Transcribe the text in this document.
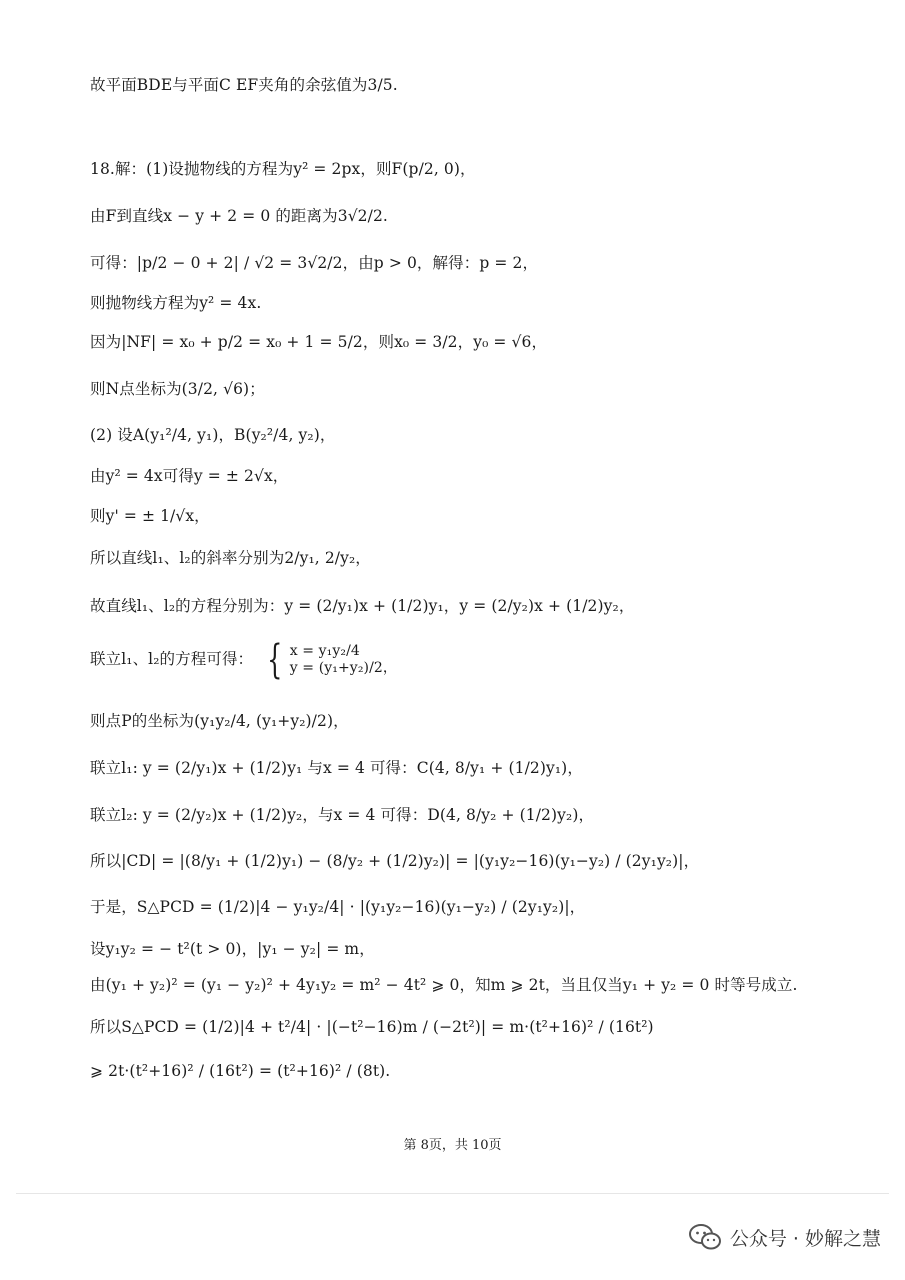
故平面BDE与平面C EF夹角的余弦值为3/5.
18.解：(1)设抛物线的方程为y² = 2px，则F(p/2, 0)，
由F到直线x − y + 2 = 0 的距离为3√2/2.
可得：|p/2 − 0 + 2| / √2 = 3√2/2，由p > 0，解得：p = 2，
则抛物线方程为y² = 4x.
因为|NF| = x₀ + p/2 = x₀ + 1 = 5/2，则x₀ = 3/2，y₀ = √6，
则N点坐标为(3/2, √6)；
(2) 设A(y₁²/4, y₁)，B(y₂²/4, y₂)，
由y² = 4x可得y = ± 2√x，
则y' = ± 1/√x，
所以直线l₁、l₂的斜率分别为2/y₁, 2/y₂，
故直线l₁、l₂的方程分别为：y = (2/y₁)x + (1/2)y₁，y = (2/y₂)x + (1/2)y₂，
联立l₁、l₂的方程可得： { x = y₁y₂/4
y = (y₁+y₂)/2，
则点P的坐标为(y₁y₂/4, (y₁+y₂)/2)，
联立l₁: y = (2/y₁)x + (1/2)y₁ 与x = 4 可得：C(4, 8/y₁ + (1/2)y₁)，
联立l₂: y = (2/y₂)x + (1/2)y₂，与x = 4 可得：D(4, 8/y₂ + (1/2)y₂)，
所以|CD| = |(8/y₁ + (1/2)y₁) − (8/y₂ + (1/2)y₂)| = |(y₁y₂−16)(y₁−y₂) / (2y₁y₂)|，
于是，S△PCD = (1/2)|4 − y₁y₂/4| · |(y₁y₂−16)(y₁−y₂) / (2y₁y₂)|，
设y₁y₂ = − t²(t > 0)，|y₁ − y₂| = m，
由(y₁ + y₂)² = (y₁ − y₂)² + 4y₁y₂ = m² − 4t² ⩾ 0，知m ⩾ 2t，当且仅当y₁ + y₂ = 0 时等号成立.
所以S△PCD = (1/2)|4 + t²/4| · |(−t²−16)m / (−2t²)| = m·(t²+16)² / (16t²)
⩾ 2t·(t²+16)² / (16t²) = (t²+16)² / (8t).
第 8页，共 10页
公众号 · 妙解之慧
